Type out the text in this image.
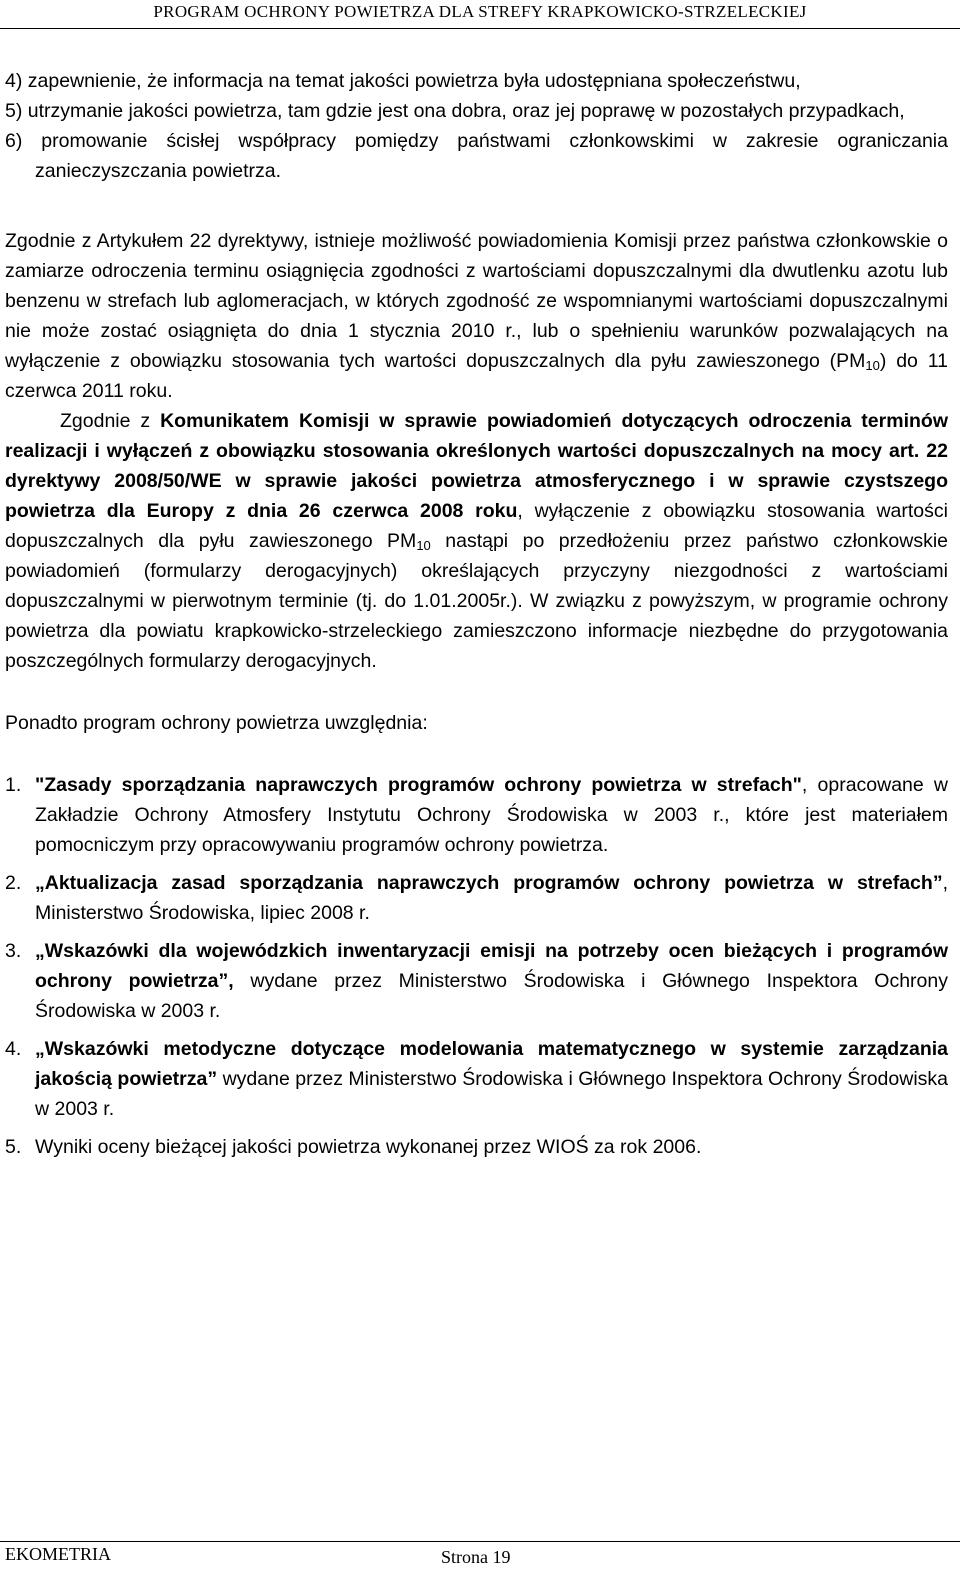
PROGRAM OCHRONY POWIETRZA DLA STREFY KRAPKOWICKO-STRZELECKIEJ

4) zapewnienie, że informacja na temat jakości powietrza była udostępniana społeczeństwu,

5) utrzymanie jakości powietrza, tam gdzie jest ona dobra, oraz jej poprawę w pozostałych przypadkach,

6) promowanie ścisłej współpracy pomiędzy państwami członkowskimi w zakresie ograniczania zanieczyszczania powietrza.

Zgodnie z Artykułem 22 dyrektywy, istnieje możliwość powiadomienia Komisji przez państwa członkowskie o zamiarze odroczenia terminu osiągnięcia zgodności z wartościami dopuszczalnymi dla dwutlenku azotu lub benzenu w strefach lub aglomeracjach, w których zgodność ze wspomnianymi wartościami dopuszczalnymi nie może zostać osiągnięta do dnia 1 stycznia 2010 r., lub o spełnieniu warunków pozwalających na wyłączenie z obowiązku stosowania tych wartości dopuszczalnych dla pyłu zawieszonego $(PM_{10})$ do 11 czerwca 2011 roku.

Zgodnie z Komunikatem Komisji w sprawie powiadomień dotyczących odroczenia terminów realizacji i wyłączeń z obowiązku stosowania określonych wartości dopuszczalnych na mocy art. 22 dyrektywy 2008/50/WE w sprawie jakości powietrza atmosferycznego i w sprawie czystszego powietrza dla Europy z dnia 26 czerwca 2008 roku, wyłączenie z obowiązku stosowania wartości dopuszczalnych dla pyłu zawieszonego $PM_{10}$ nastąpi po przedłożeniu przez państwo członkowskie powiadomień (formularzy derogacyjnych) określających przyczyny niezgodności z wartościami dopuszczalnymi w pierwotnym terminie (tj. do 1.01.2005r.). W związku z powyższym, w programie ochrony powietrza dla powiatu krapkowicko-strzeleckiego zamieszczono informacje niezbędne do przygotowania poszczególnych formularzy derogacyjnych.

Ponadto program ochrony powietrza uwzględnia:

1. "Zasady sporządzania naprawczych programów ochrony powietrza w strefach", opracowane w Zakładzie Ochrony Atmosfery Instytutu Ochrony Środowiska w 2003 r., które jest materiałem pomocniczym przy opracowywaniu programów ochrony powietrza.
2. „Aktualizacja zasad sporządzania naprawczych programów ochrony powietrza w strefach”, Ministerstwo Środowiska, lipiec 2008 r.
3. „Wskazówki dla wojewódzkich inwentaryzacji emisji na potrzeby ocen bieżących i programów ochrony powietrza”, wydane przez Ministerstwo Środowiska i Głównego Inspektora Ochrony Środowiska w 2003 r.
4. „Wskazówki metodyczne dotyczące modelowania matematycznego w systemie zarządzania jakością powietrza” wydane przez Ministerstwo Środowiska i Głównego Inspektora Ochrony Środowiska w 2003 r.
5. Wyniki oceny bieżącej jakości powietrza wykonanej przez WIOŚ za rok 2006.
EKOMETRIA	Strona 19
